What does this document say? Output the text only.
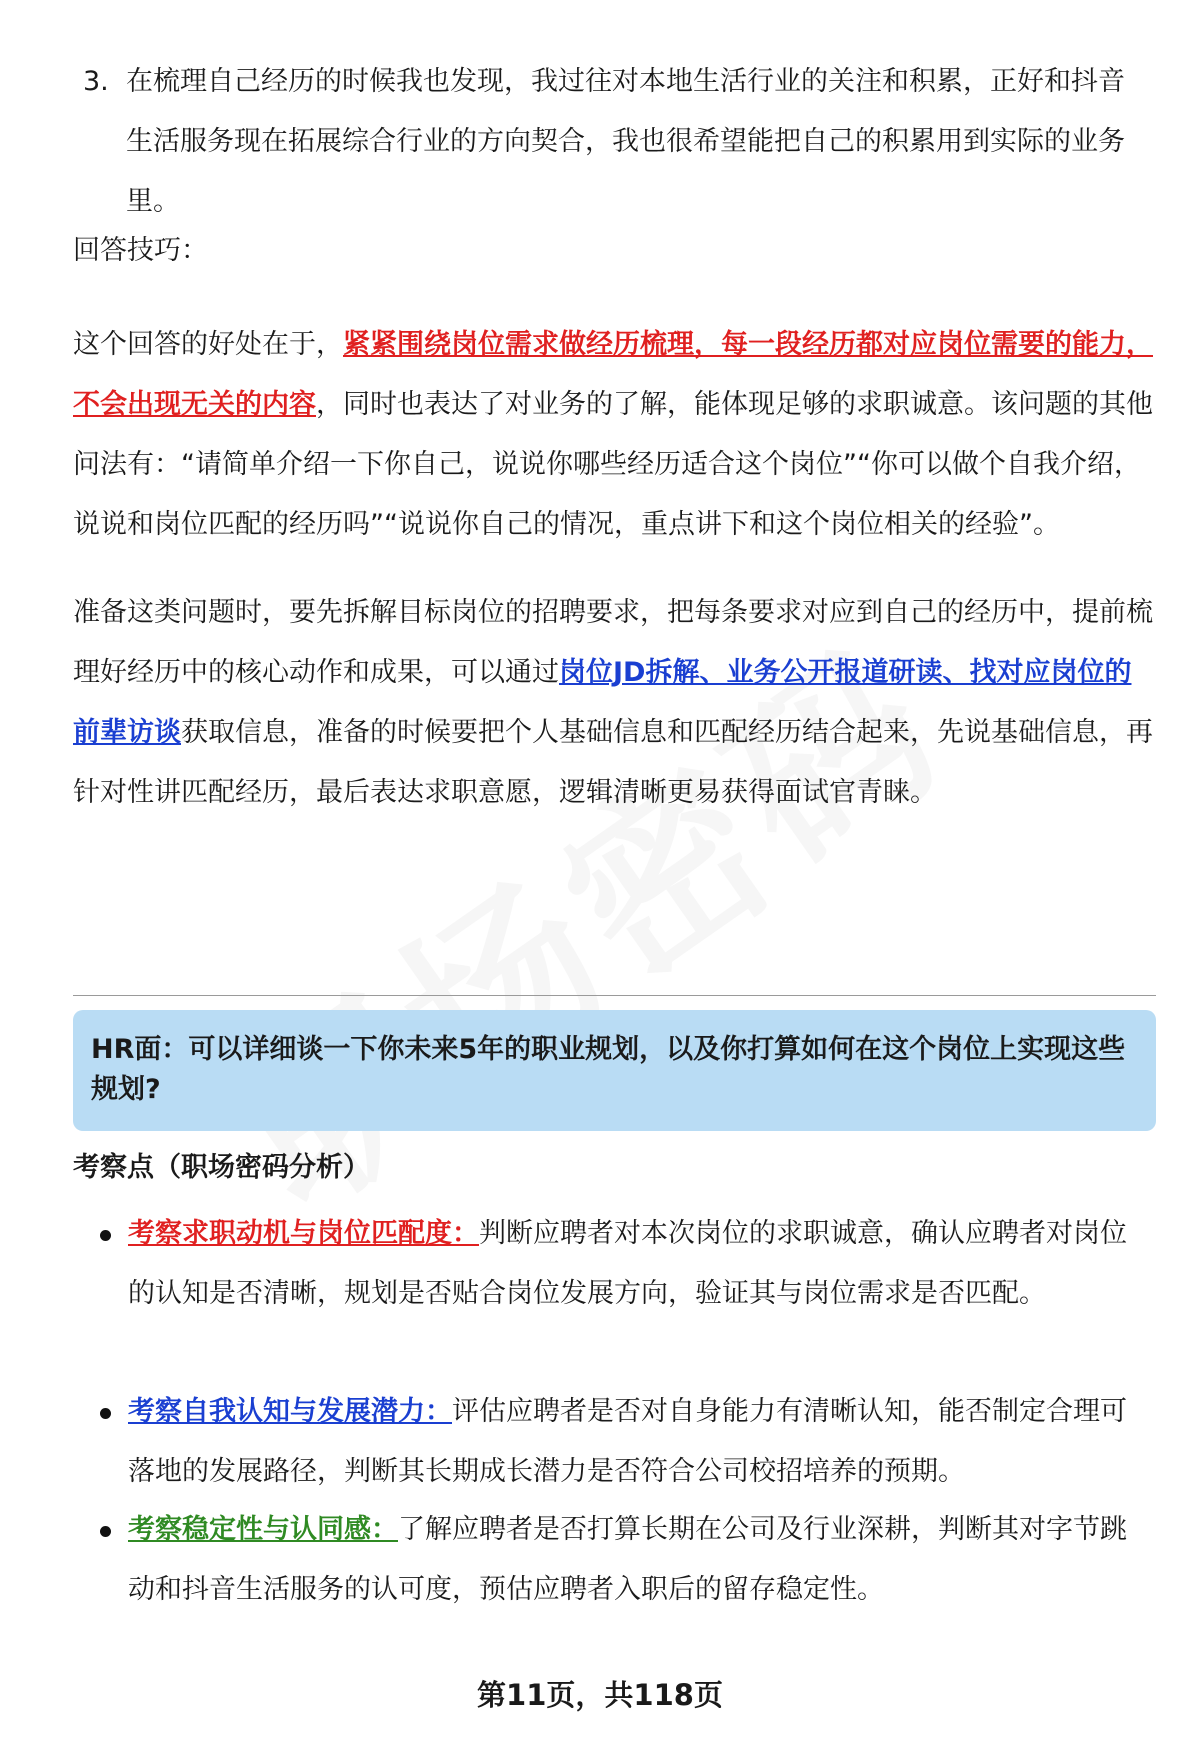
3. 在梳理自己经历的时候我也发现，我过往对本地生活行业的关注和积累，正好和抖音生活服务现在拓展综合行业的方向契合，我也很希望能把自己的积累用到实际的业务里。

回答技巧：

这个回答的好处在于，紧紧围绕岗位需求做经历梳理，每一段经历都对应岗位需要的能力，不会出现无关的内容，同时也表达了对业务的了解，能体现足够的求职诚意。该问题的其他问法有：“请简单介绍一下你自己，说说你哪些经历适合这个岗位”“你可以做个自我介绍，说说和岗位匹配的经历吗”“说说你自己的情况，重点讲下和这个岗位相关的经验”。

准备这类问题时，要先拆解目标岗位的招聘要求，把每条要求对应到自己的经历中，提前梳理好经历中的核心动作和成果，可以通过岗位JD拆解、业务公开报道研读、找对应岗位的前辈访谈获取信息，准备的时候要把个人基础信息和匹配经历结合起来，先说基础信息，再针对性讲匹配经历，最后表达求职意愿，逻辑清晰更易获得面试官青睐。

HR面：可以详细谈一下你未来5年的职业规划，以及你打算如何在这个岗位上实现这些规划?
考察点（职场密码分析）
考察求职动机与岗位匹配度：判断应聘者对本次岗位的求职诚意，确认应聘者对岗位的认知是否清晰，规划是否贴合岗位发展方向，验证其与岗位需求是否匹配。
考察自我认知与发展潜力：评估应聘者是否对自身能力有清晰认知，能否制定合理可落地的发展路径，判断其长期成长潜力是否符合公司校招培养的预期。
考察稳定性与认同感：了解应聘者是否打算长期在公司及行业深耕，判断其对字节跳动和抖音生活服务的认可度，预估应聘者入职后的留存稳定性。
第11页，共118页
